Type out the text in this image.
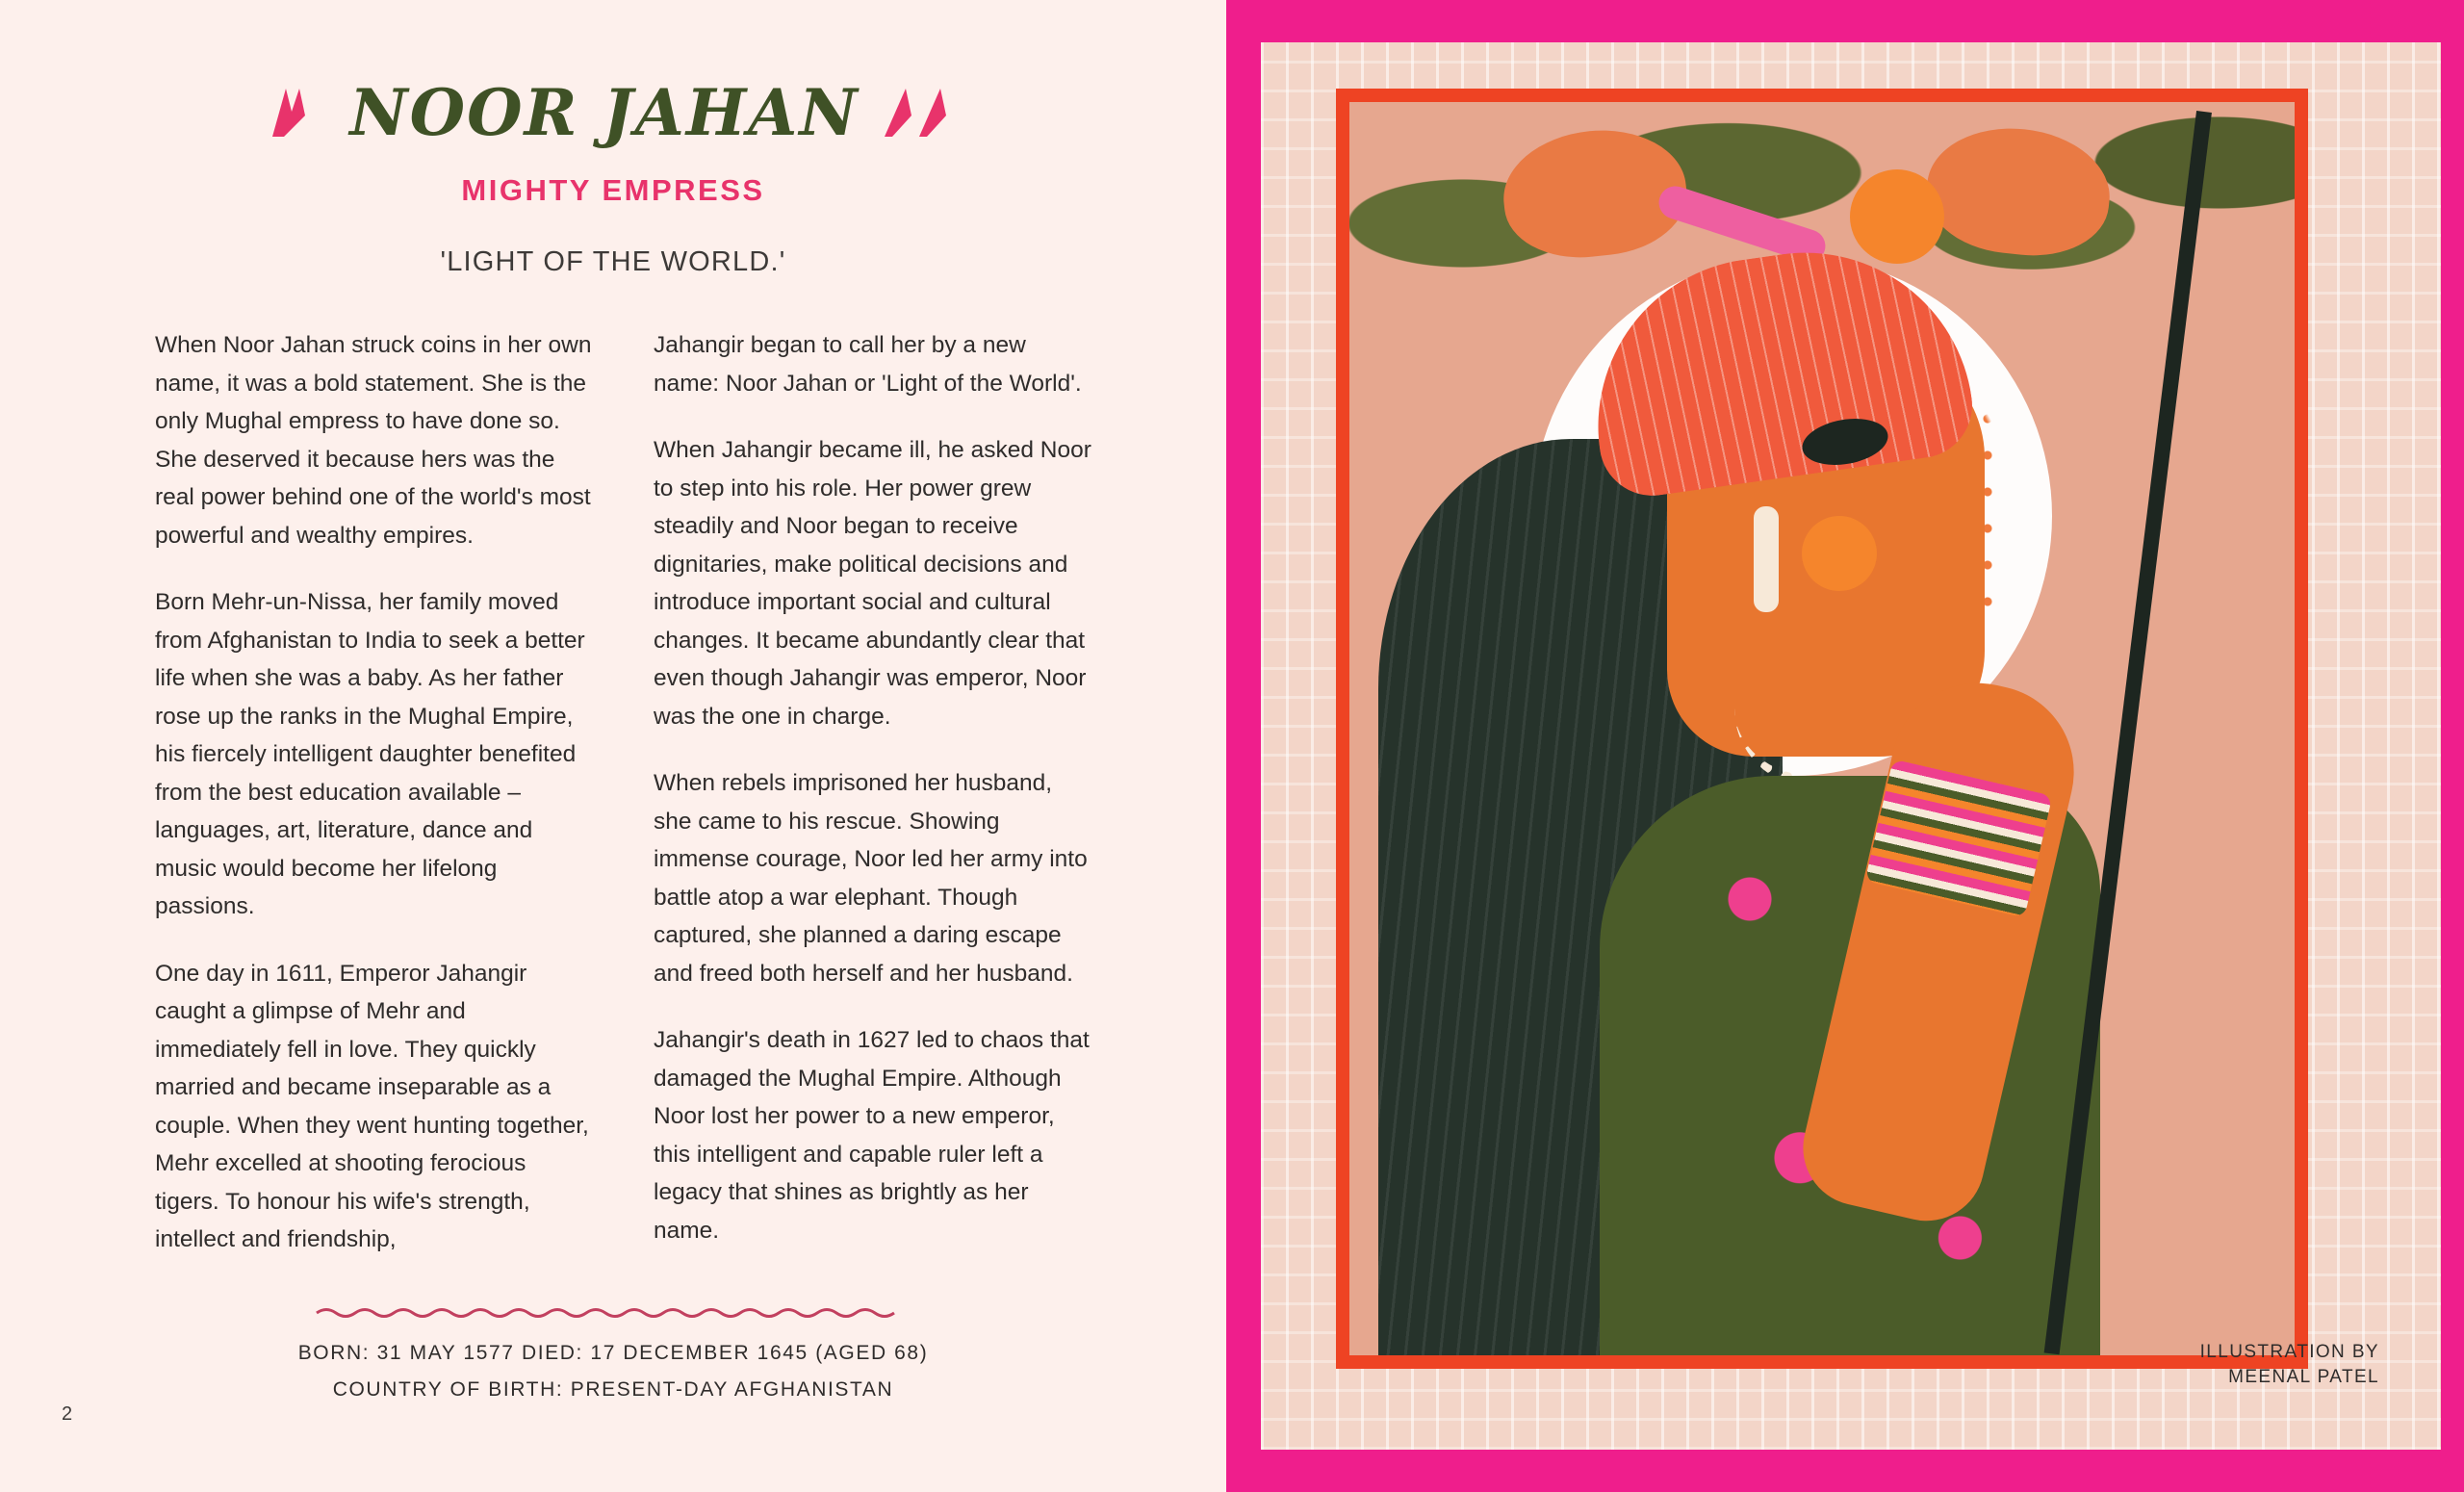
2
NOOR JAHAN
MIGHTY EMPRESS
'LIGHT OF THE WORLD.'

When Noor Jahan struck coins in her own name, it was a bold statement. She is the only Mughal empress to have done so. She deserved it because hers was the real power behind one of the world's most powerful and wealthy empires.

Born Mehr-un-Nissa, her family moved from Afghanistan to India to seek a better life when she was a baby. As her father rose up the ranks in the Mughal Empire, his fiercely intelligent daughter benefited from the best education available – languages, art, literature, dance and music would become her lifelong passions.

One day in 1611, Emperor Jahangir caught a glimpse of Mehr and immediately fell in love. They quickly married and became inseparable as a couple. When they went hunting together, Mehr excelled at shooting ferocious tigers. To honour his wife's strength, intellect and friendship,

Jahangir began to call her by a new name: Noor Jahan or 'Light of the World'.

When Jahangir became ill, he asked Noor to step into his role. Her power grew steadily and Noor began to receive dignitaries, make political decisions and introduce important social and cultural changes. It became abundantly clear that even though Jahangir was emperor, Noor was the one in charge.

When rebels imprisoned her husband, she came to his rescue. Showing immense courage, Noor led her army into battle atop a war elephant. Though captured, she planned a daring escape and freed both herself and her husband.

Jahangir's death in 1627 led to chaos that damaged the Mughal Empire. Although Noor lost her power to a new emperor, this intelligent and capable ruler left a legacy that shines as brightly as her name.

BORN: 31 MAY 1577 DIED: 17 DECEMBER 1645 (AGED 68)
COUNTRY OF BIRTH: PRESENT-DAY AFGHANISTAN
ILLUSTRATION BY
MEENAL PATEL
